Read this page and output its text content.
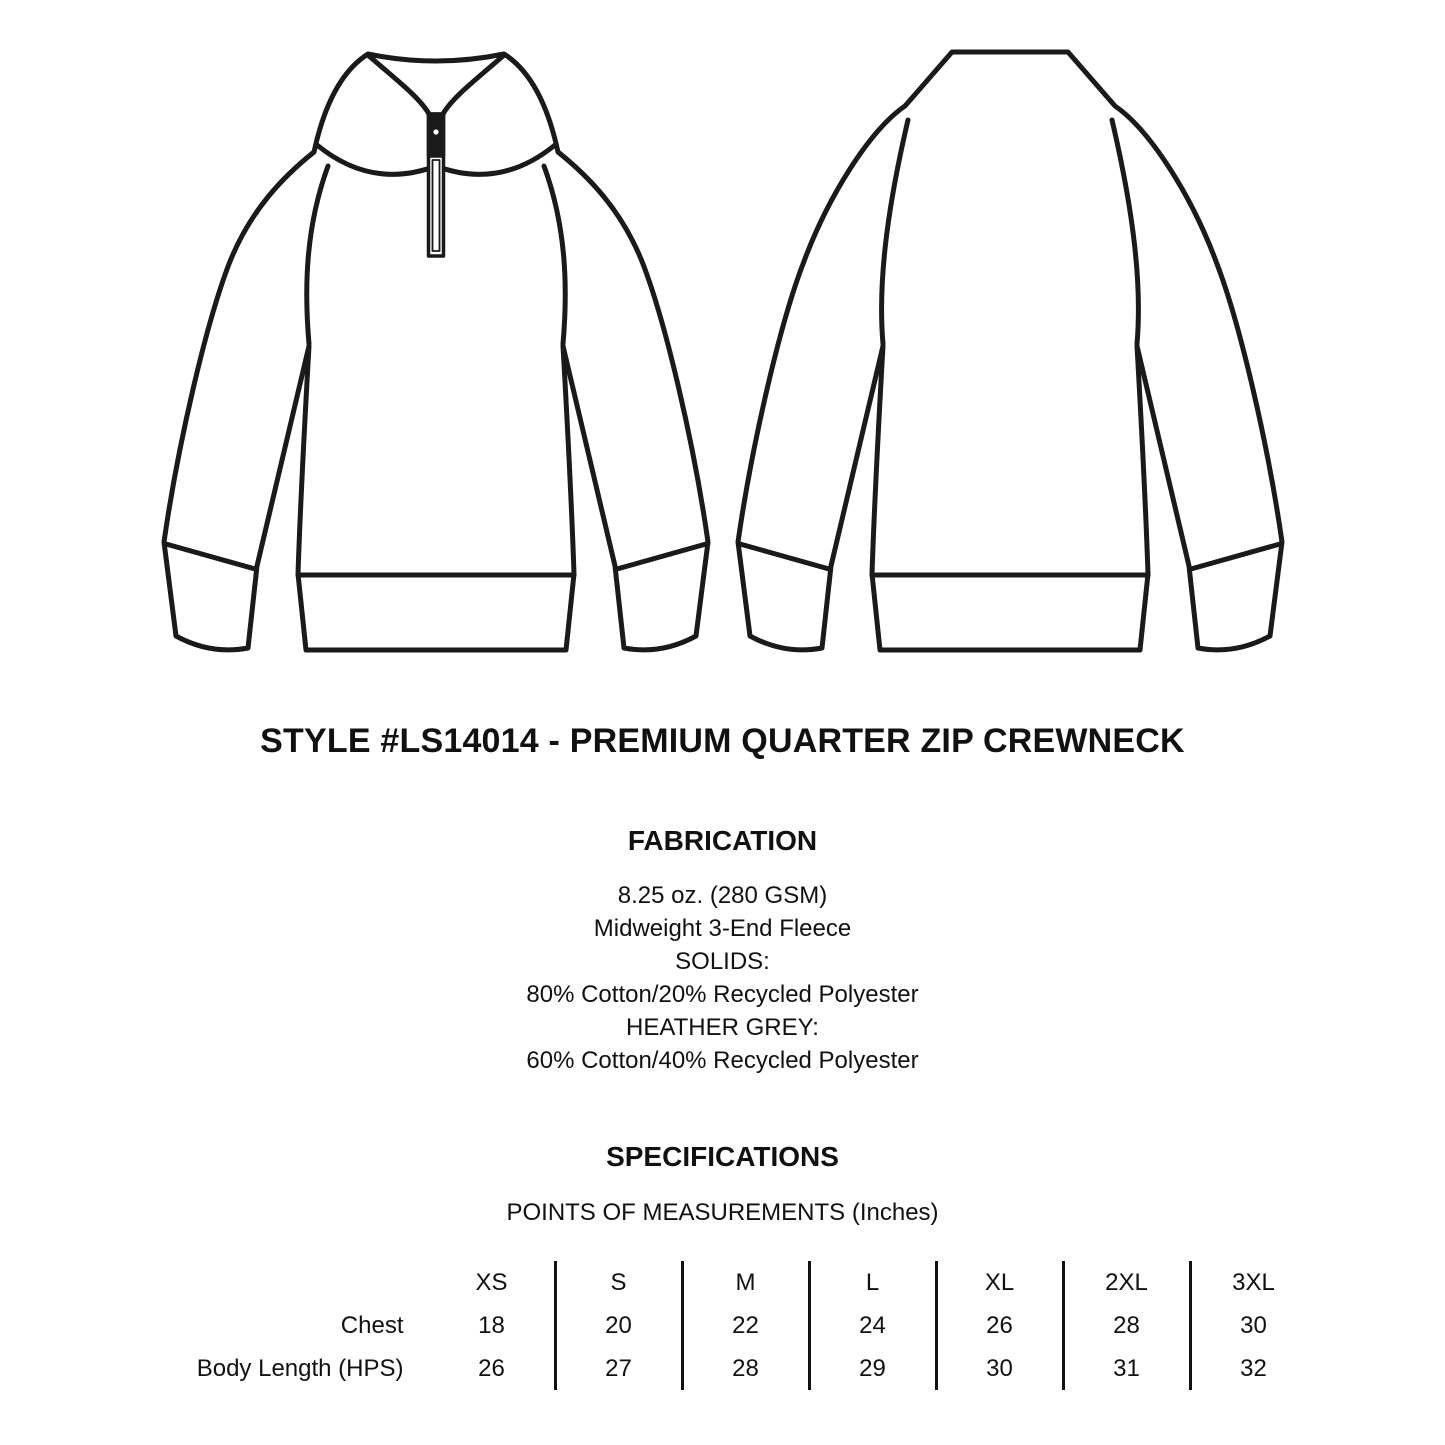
STYLE #LS14014 - PREMIUM QUARTER ZIP CREWNECK
FABRICATION
8.25 oz. (280 GSM)
Midweight 3-End Fleece
SOLIDS:
80% Cotton/20% Recycled Polyester
HEATHER GREY:
60% Cotton/40% Recycled Polyester
SPECIFICATIONS
POINTS OF MEASUREMENTS (Inches)
Chest
Body Length (HPS)
XS
18
26
S
20
27
M
22
28
L
24
29
XL
26
30
2XL
28
31
3XL
30
32
